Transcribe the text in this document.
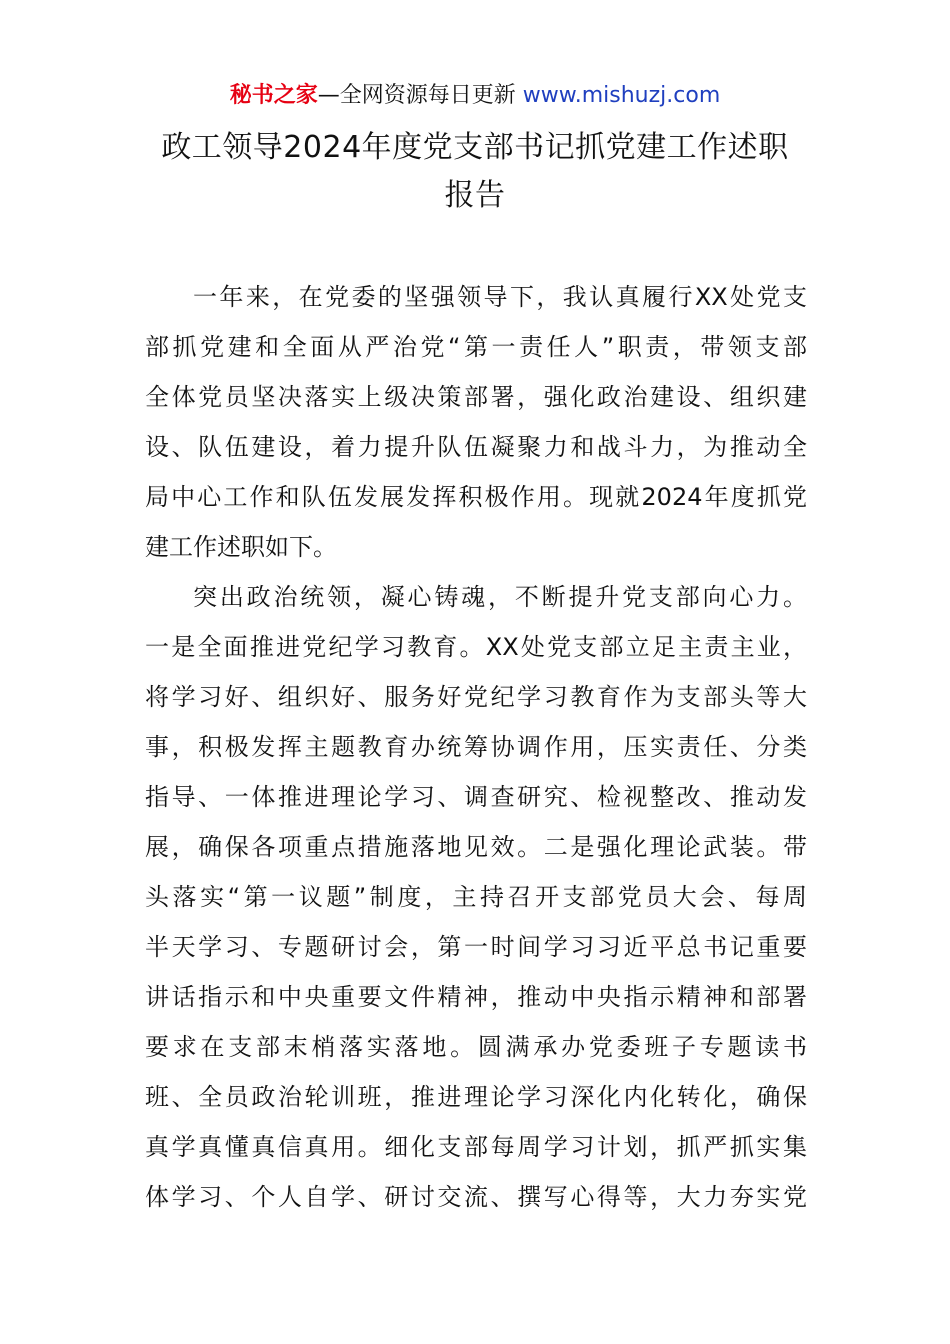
秘书之家—全网资源每日更新 www.mishuzj.com
政工领导2024年度党支部书记抓党建工作述职
报告
一年来，在党委的坚强领导下，我认真履行XX处党支
部抓党建和全面从严治党“第一责任人”职责，带领支部
全体党员坚决落实上级决策部署，强化政治建设、组织建
设、队伍建设，着力提升队伍凝聚力和战斗力，为推动全
局中心工作和队伍发展发挥积极作用。现就2024年度抓党
建工作述职如下。
突出政治统领，凝心铸魂，不断提升党支部向心力。
一是全面推进党纪学习教育。XX处党支部立足主责主业，
将学习好、组织好、服务好党纪学习教育作为支部头等大
事，积极发挥主题教育办统筹协调作用，压实责任、分类
指导、一体推进理论学习、调查研究、检视整改、推动发
展，确保各项重点措施落地见效。二是强化理论武装。带
头落实“第一议题”制度，主持召开支部党员大会、每周
半天学习、专题研讨会，第一时间学习习近平总书记重要
讲话指示和中央重要文件精神，推动中央指示精神和部署
要求在支部末梢落实落地。圆满承办党委班子专题读书
班、全员政治轮训班，推进理论学习深化内化转化，确保
真学真懂真信真用。细化支部每周学习计划，抓严抓实集
体学习、个人自学、研讨交流、撰写心得等，大力夯实党
